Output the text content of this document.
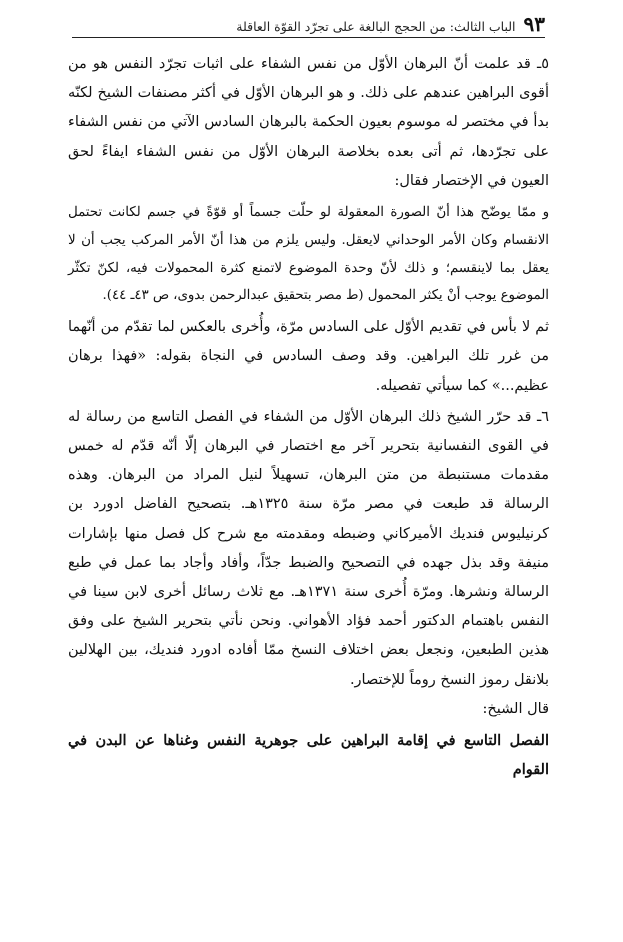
٩٣
الباب الثالث: من الحجج البالغة على تجرّد القوّة العاقلة

٥ـ قد علمت أنّ البرهان الأوّل من نفس الشفاء على اثبات تجرّد النفس هو من أقوى البراهين عندهم على ذلك. و هو البرهان الأوّل في أكثر مصنفات الشيخ لكنّه بدأ في مختصر له موسوم بعيون الحكمة بالبرهان السادس الآتي من نفس الشفاء على تجرّدها، ثم أتى بعده بخلاصة البرهان الأوّل من نفس الشفاء ايفاءً لحق العيون في الإختصار فقال:

و ممّا يوضّح هذا أنّ الصورة المعقولة لو حلّت جسماً أو قوّةً في جسم لكانت تحتمل الانقسام وكان الأمر الوحداني لايعقل. وليس يلزم من هذا أنّ الأمر المركب يجب أن لا يعقل بما لاينقسم؛ و ذلك لأنّ وحدة الموضوع لاتمنع كثرة المحمولات فيه، لكنّ تكثّر الموضوع يوجب أنْ يكثر المحمول (ط مصر بتحقيق عبدالرحمن بدوى، ص ٤٣ـ ٤٤).

ثم لا بأس في تقديم الأوّل على السادس مرّة، وأُخرى بالعكس لما تقدّم من أنّهما من غرر تلك البراهين. وقد وصف السادس في النجاة بقوله: «فهذا برهان عظيم...» كما سيأتي تفصيله.

٦ـ قد حرّر الشيخ ذلك البرهان الأوّل من الشفاء في الفصل التاسع من رسالة له في القوى النفسانية بتحرير آخر مع اختصار في البرهان إلّا أنّه قدّم له خمس مقدمات مستنبطة من متن البرهان، تسهيلاً لنيل المراد من البرهان. وهذه الرسالة قد طبعت في مصر مرّة سنة ١٣٢٥هـ. بتصحيح الفاضل ادورد بن كرنيليوس فنديك الأميركاني وضبطه ومقدمته مع شرح كل فصل منها بإشارات منيفة وقد بذل جهده في التصحيح والضبط جدّاً، وأفاد وأجاد بما عمل في طبع الرسالة ونشرها. ومرّة أُخرى سنة ١٣٧١هـ. مع ثلاث رسائل أخرى لابن سينا في النفس باهتمام الدكتور أحمد فؤاد الأهواني. ونحن نأتي بتحرير الشيخ على وفق هذين الطبعين، ونجعل بعض اختلاف النسخ ممّا أفاده ادورد فنديك، بين الهلالين بلانقل رموز النسخ روماً للإختصار.

قال الشيخ:

الفصل التاسع في إقامة البراهين على جوهرية النفس وغناها عن البدن في القوام
